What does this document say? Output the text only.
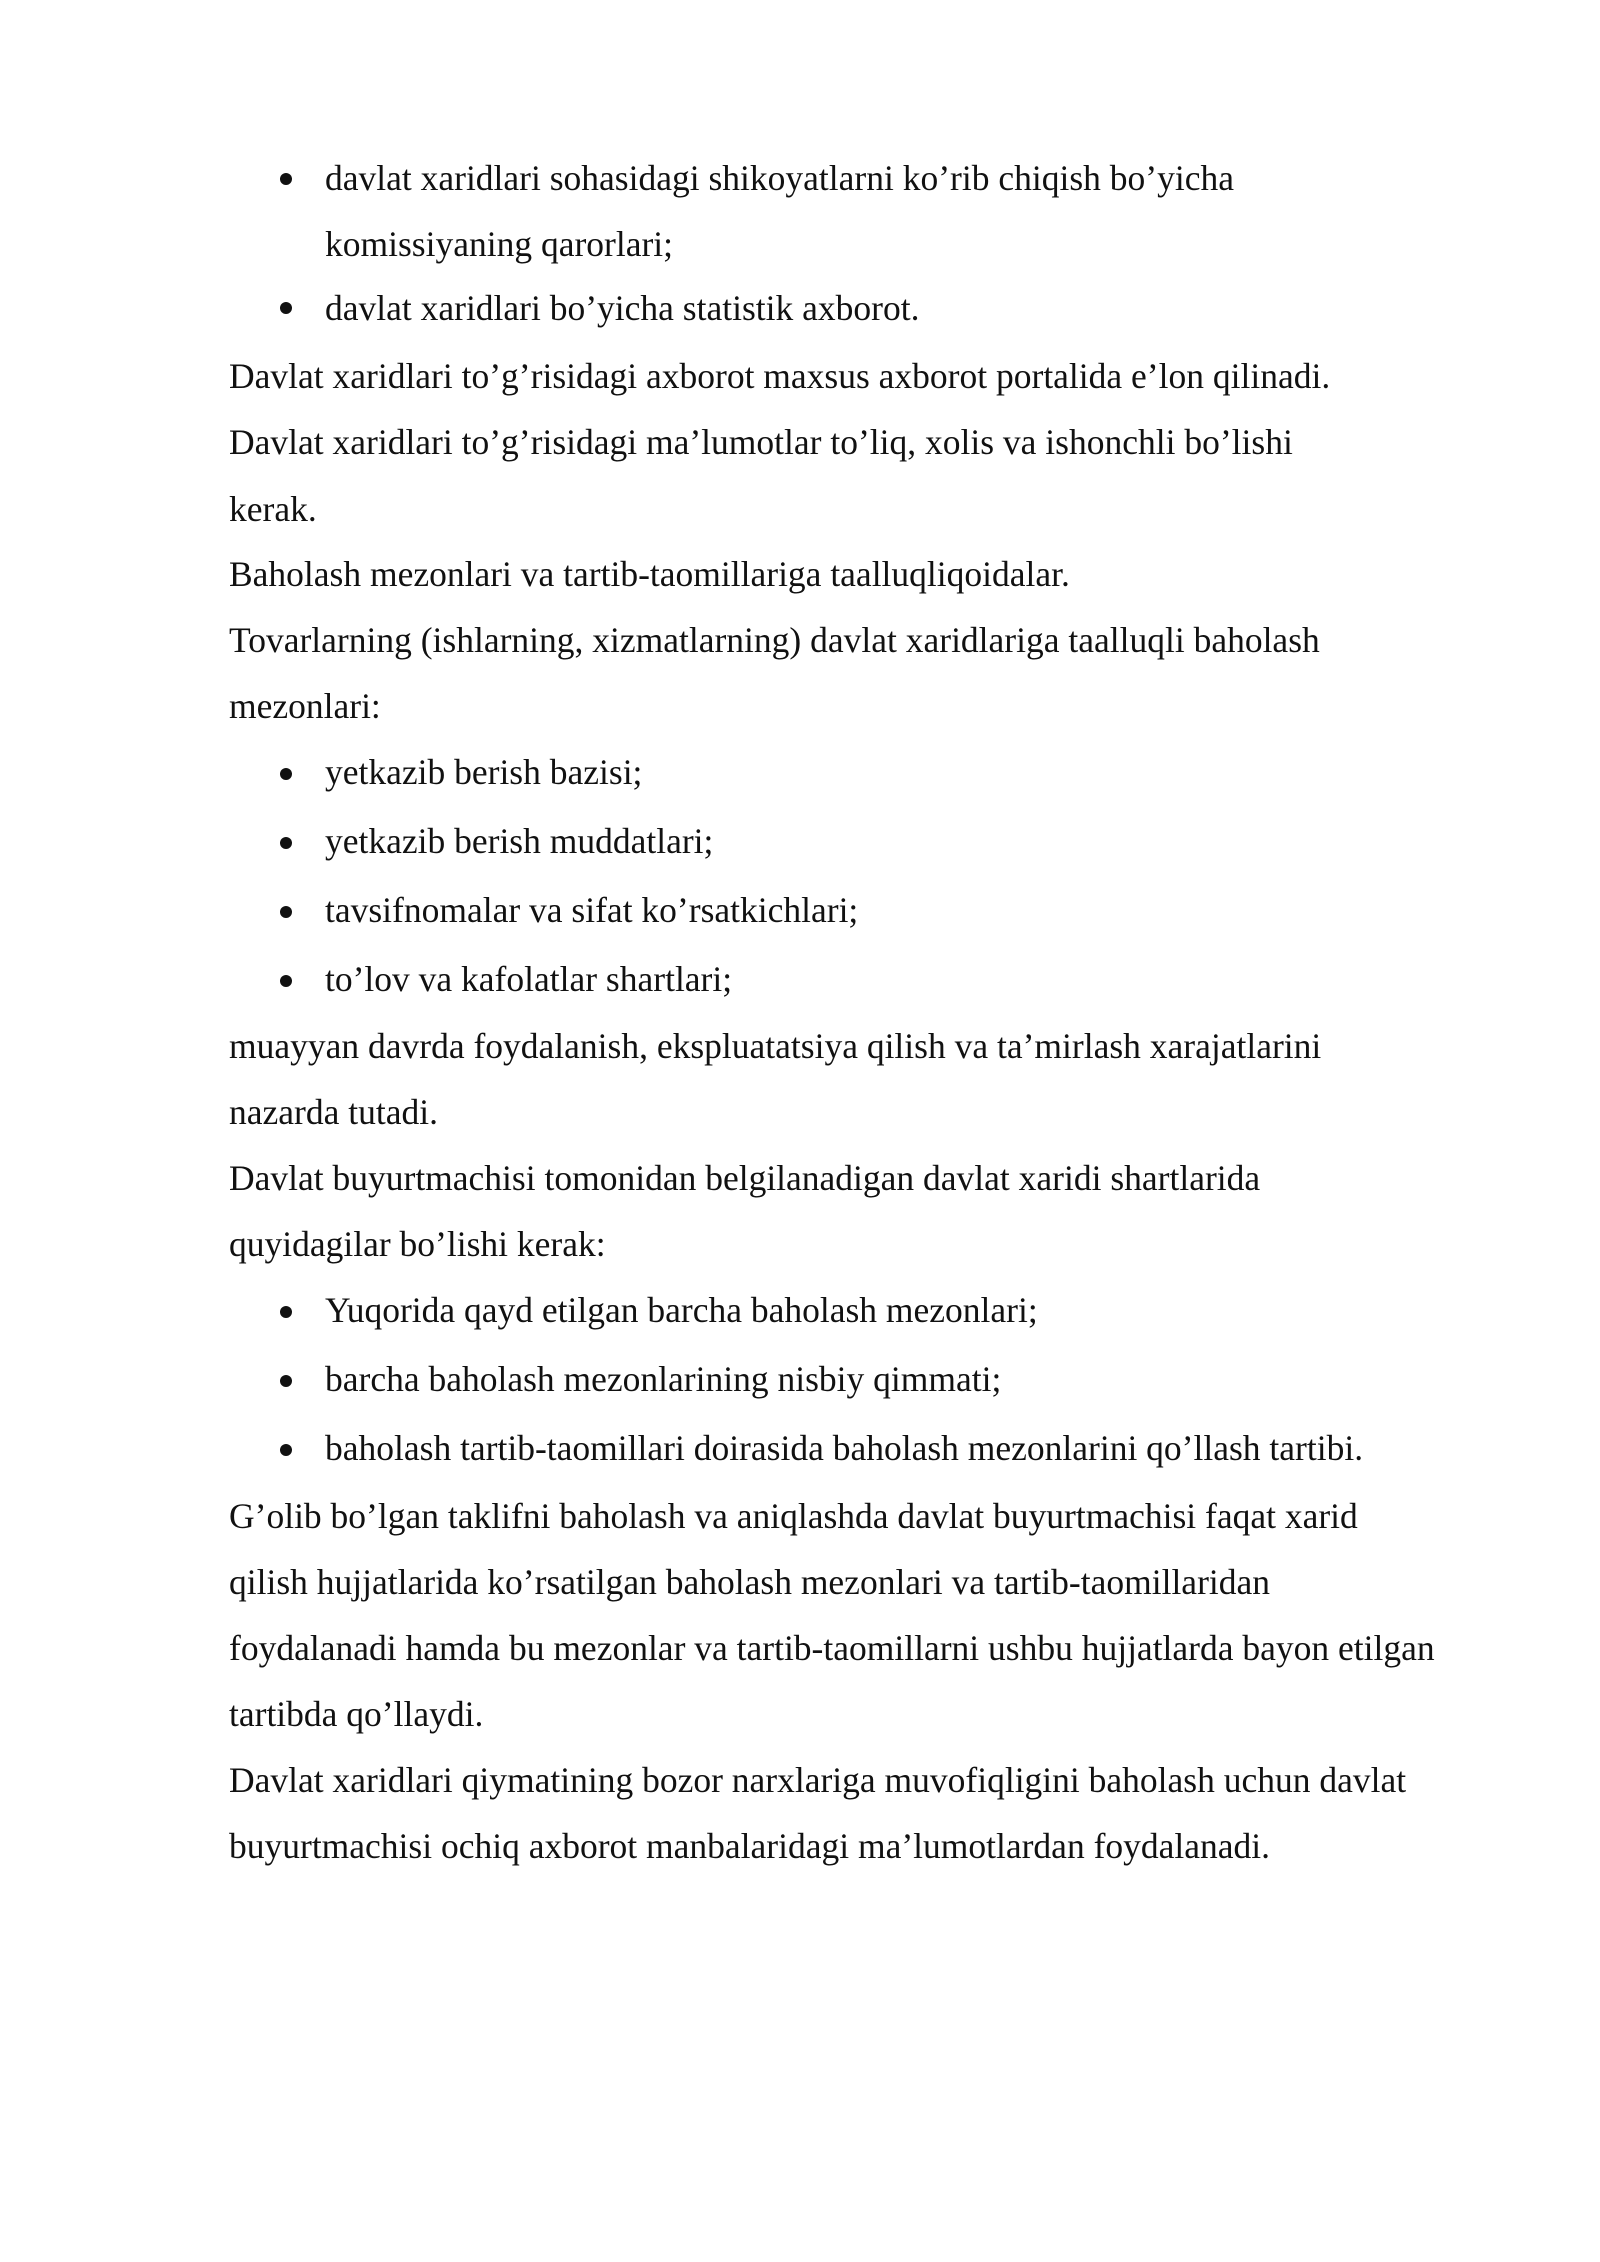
davlat xaridlari sohasidagi shikoyatlarni ko’rib chiqish bo’yicha

komissiyaning qarorlari;

davlat xaridlari bo’yicha statistik axborot.

Davlat xaridlari to’g’risidagi axborot maxsus axborot portalida e’lon qilinadi.

Davlat xaridlari to’g’risidagi ma’lumotlar to’liq, xolis va ishonchli bo’lishi

kerak.

Baholash mezonlari va tartib-taomillariga taalluqliqoidalar.

Tovarlarning (ishlarning, xizmatlarning) davlat xaridlariga taalluqli baholash

mezonlari:

yetkazib berish bazisi;

yetkazib berish muddatlari;

tavsifnomalar va sifat ko’rsatkichlari;

to’lov va kafolatlar shartlari;

muayyan davrda foydalanish, ekspluatatsiya qilish va ta’mirlash xarajatlarini

nazarda tutadi.

Davlat buyurtmachisi tomonidan belgilanadigan davlat xaridi shartlarida

quyidagilar bo’lishi kerak:

Yuqorida qayd etilgan barcha baholash mezonlari;

barcha baholash mezonlarining nisbiy qimmati;

baholash tartib-taomillari doirasida baholash mezonlarini qo’llash tartibi.

G’olib bo’lgan taklifni baholash va aniqlashda davlat buyurtmachisi faqat xarid

qilish hujjatlarida ko’rsatilgan baholash mezonlari va tartib-taomillaridan

foydalanadi hamda bu mezonlar va tartib-taomillarni ushbu hujjatlarda bayon etilgan

tartibda qo’llaydi.

Davlat xaridlari qiymatining bozor narxlariga muvofiqligini baholash uchun davlat

buyurtmachisi ochiq axborot manbalaridagi ma’lumotlardan foydalanadi.
